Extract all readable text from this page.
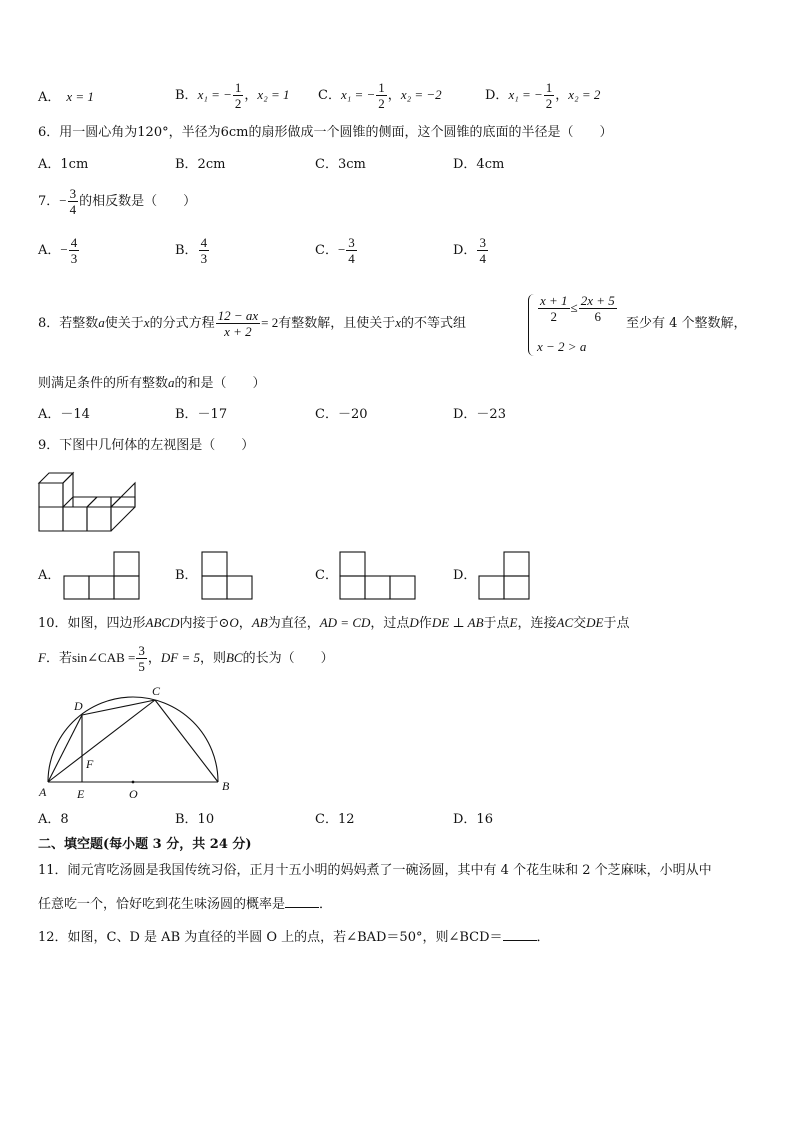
A． x = 1	B．x₁ = − $\frac{1}{2}$ ，x₂ = 1 C．x₁ = − $\frac{1}{2}$ ，x₂ = −2	D．x₁ = − $\frac{1}{2}$ ，x₂ = 2
6．用一圆心角为120°，半径为6cm的扇形做成一个圆锥的侧面，这个圆锥的底面的半径是（　　）
A．1cm	B．2cm	C．3cm	D．4cm
7．− $\frac{3}{4}$ 的相反数是（　　）
A．− $\frac{4}{3}$	B． $\frac{4}{3}$	C．− $\frac{3}{4}$	D． $\frac{3}{4}$
8．若整数a使关于x的分式方程 $\frac{12 - ax}{x + 2} = 2$有整数解，且使关于x的不等式组	$\frac{x + 1}{2} \le \frac{2x + 5}{6}$
x − 2 > a
至少有 4 个整数解，
则满足条件的所有整数a的和是（　　）
A．－14	B．－17	C．－20	D．－23
9．下图中几何体的左视图是（　　）
A．	B．	C．	D．
10．如图，四边形ABCD内接于⊙O，AB为直径，AD = CD，过点D作DE ⊥ AB于点E，连接AC交DE于点
F．若sin∠CAB = $\frac{3}{5}$ ，DF = 5，则BC的长为（　　）
A	B
C
D
E
F
O
A．8	B．10	C．12	D．16
二、填空题(每小题 3 分，共 24 分)
11．闹元宵吃汤圆是我国传统习俗，正月十五小明的妈妈煮了一碗汤圆，其中有 4 个花生味和 2 个芝麻味，小明从中
任意吃一个，恰好吃到花生味汤圆的概率是	．
12．如图，C、D 是 AB 为直径的半圆 O 上的点，若∠BAD＝50°，则∠BCD＝	．
